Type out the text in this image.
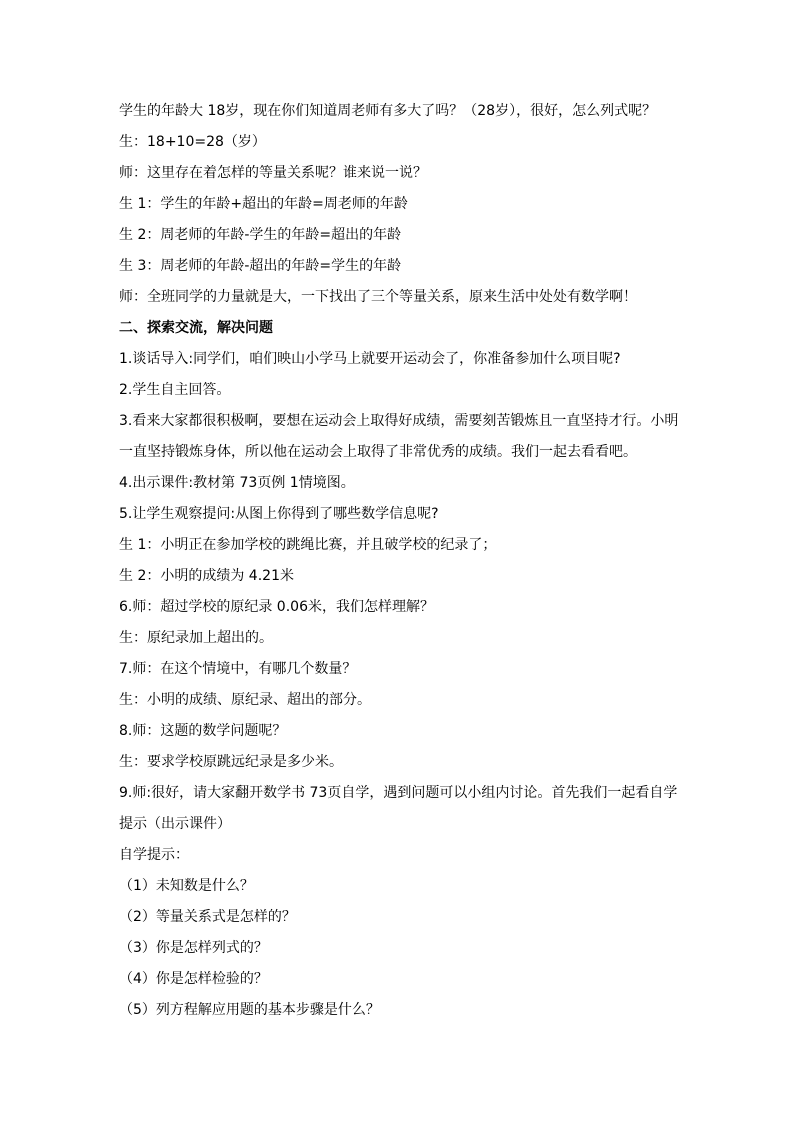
学生的年龄大 18岁，现在你们知道周老师有多大了吗？（28岁），很好，怎么列式呢？
生：18+10=28（岁）
师：这里存在着怎样的等量关系呢？谁来说一说？
生 1：学生的年龄+超出的年龄=周老师的年龄
生 2：周老师的年龄-学生的年龄=超出的年龄
生 3：周老师的年龄-超出的年龄=学生的年龄
师：全班同学的力量就是大，一下找出了三个等量关系，原来生活中处处有数学啊！
二、探索交流，解决问题
1.谈话导入:同学们，咱们映山小学马上就要开运动会了，你准备参加什么项目呢?
2.学生自主回答。
3.看来大家都很积极啊，要想在运动会上取得好成绩，需要刻苦锻炼且一直坚持才行。小明
一直坚持锻炼身体，所以他在运动会上取得了非常优秀的成绩。我们一起去看看吧。
4.出示课件:教材第 73页例 1情境图。
5.让学生观察提问:从图上你得到了哪些数学信息呢?
生 1：小明正在参加学校的跳绳比赛，并且破学校的纪录了；
生 2：小明的成绩为 4.21米
6.师：超过学校的原纪录 0.06米，我们怎样理解？
生：原纪录加上超出的。
7.师：在这个情境中，有哪几个数量？
生：小明的成绩、原纪录、超出的部分。
8.师：这题的数学问题呢？
生：要求学校原跳远纪录是多少米。
9.师:很好，请大家翻开数学书 73页自学，遇到问题可以小组内讨论。首先我们一起看自学
提示（出示课件）
自学提示：
（1）未知数是什么？
（2）等量关系式是怎样的？
（3）你是怎样列式的？
（4）你是怎样检验的？
（5）列方程解应用题的基本步骤是什么？
